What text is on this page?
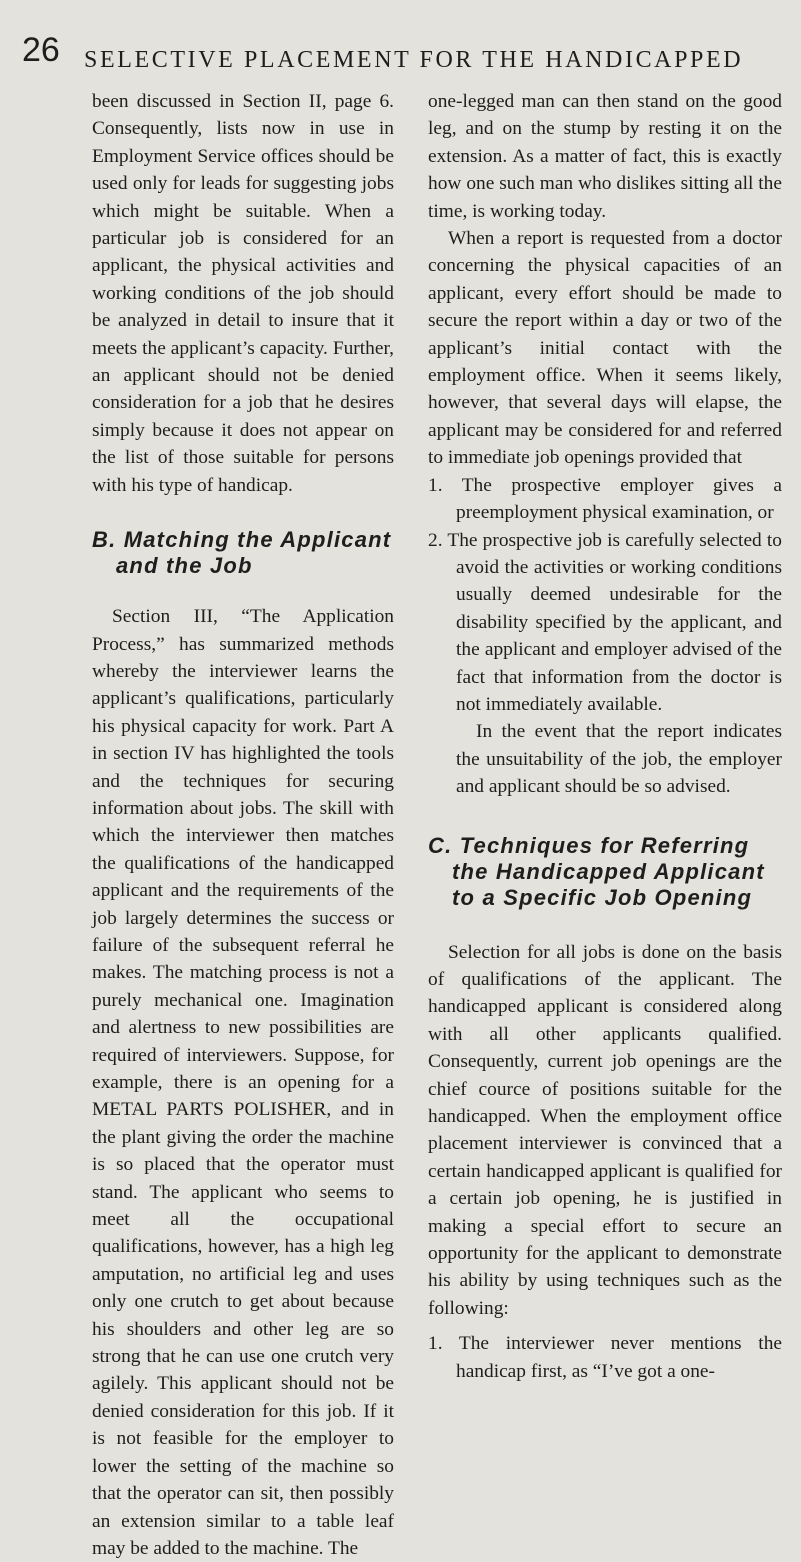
26 SELECTIVE PLACEMENT FOR THE HANDICAPPED

been discussed in Section II, page 6. Consequently, lists now in use in Employment Service offices should be used only for leads for suggesting jobs which might be suitable. When a particular job is considered for an applicant, the physical activities and working conditions of the job should be analyzed in detail to insure that it meets the applicant’s capacity. Further, an applicant should not be denied consideration for a job that he desires simply because it does not appear on the list of those suitable for persons with his type of handicap.

B. Matching the Applicant and the Job

Section III, “The Application Process,” has summarized methods whereby the interviewer learns the applicant’s qualifications, particularly his physical capacity for work. Part A in section IV has highlighted the tools and the techniques for securing information about jobs. The skill with which the interviewer then matches the qualifications of the handicapped applicant and the requirements of the job largely determines the success or failure of the subsequent referral he makes. The matching process is not a purely mechanical one. Imagination and alertness to new possibilities are required of interviewers. Suppose, for example, there is an opening for a METAL PARTS POLISHER, and in the plant giving the order the machine is so placed that the operator must stand. The applicant who seems to meet all the occupational qualifications, however, has a high leg amputation, no artificial leg and uses only one crutch to get about because his shoulders and other leg are so strong that he can use one crutch very agilely. This applicant should not be denied consideration for this job. If it is not feasible for the employer to lower the setting of the machine so that the operator can sit, then possibly an extension similar to a table leaf may be added to the machine. The

one-legged man can then stand on the good leg, and on the stump by resting it on the extension. As a matter of fact, this is exactly how one such man who dislikes sitting all the time, is working today.

When a report is requested from a doctor concerning the physical capacities of an applicant, every effort should be made to secure the report within a day or two of the applicant’s initial contact with the employment office. When it seems likely, however, that several days will elapse, the applicant may be considered for and referred to immediate job openings provided that

1. The prospective employer gives a preemployment physical examination, or

2. The prospective job is carefully selected to avoid the activities or working conditions usually deemed undesirable for the disability specified by the applicant, and the applicant and employer advised of the fact that information from the doctor is not immediately available.

In the event that the report indicates the unsuitability of the job, the employer and applicant should be so advised.

C. Techniques for Referring the Handicapped Applicant to a Specific Job Opening

Selection for all jobs is done on the basis of qualifications of the applicant. The handicapped applicant is considered along with all other applicants qualified. Consequently, current job openings are the chief cource of positions suitable for the handicapped. When the employment office placement interviewer is convinced that a certain handicapped applicant is qualified for a certain job opening, he is justified in making a special effort to secure an opportunity for the applicant to demonstrate his ability by using techniques such as the following:

1. The interviewer never mentions the handicap first, as “I’ve got a one-
